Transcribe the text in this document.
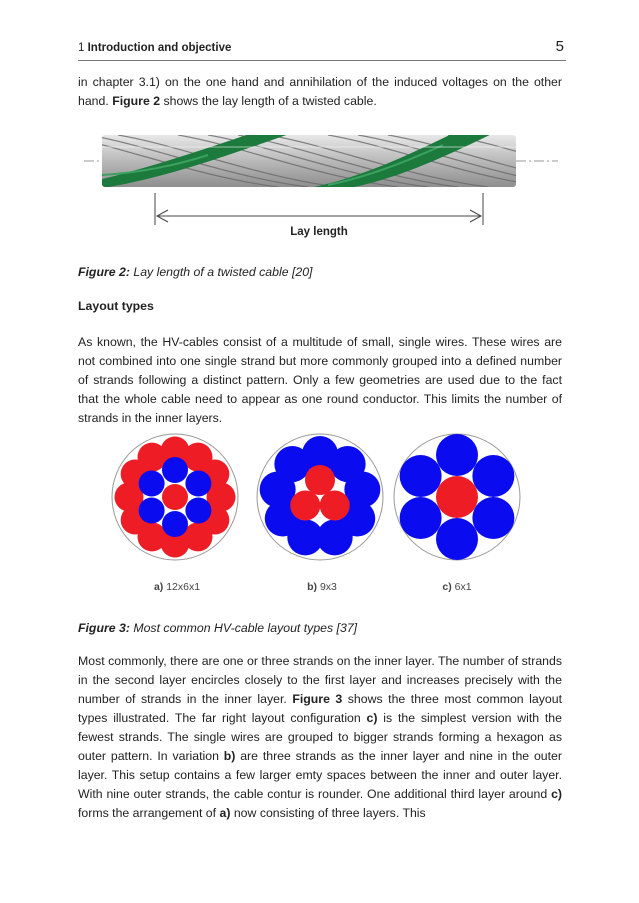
1 Introduction and objective	5

in chapter 3.1) on the one hand and annihilation of the induced voltages on the other hand. Figure 2 shows the lay length of a twisted cable.

Lay length

Figure 2: Lay length of a twisted cable [20]

Layout types

As known, the HV-cables consist of a multitude of small, single wires. These wires are not combined into one single strand but more commonly grouped into a defined number of strands following a distinct pattern. Only a few geometries are used due to the fact that the whole cable need to appear as one round conductor. This limits the number of strands in the inner layers.

a) 12x6x1	b) 9x3	c) 6x1

Figure 3: Most common HV-cable layout types [37]

Most commonly, there are one or three strands on the inner layer. The number of strands in the second layer encircles closely to the first layer and increases precisely with the number of strands in the inner layer. Figure 3 shows the three most common layout types illustrated. The far right layout configuration c) is the simplest version with the fewest strands. The single wires are grouped to bigger strands forming a hexagon as outer pattern. In variation b) are three strands as the inner layer and nine in the outer layer. This setup contains a few larger emty spaces between the inner and outer layer. With nine outer strands, the cable contur is rounder. One additional third layer around c) forms the arrangement of a) now consisting of three layers. This
